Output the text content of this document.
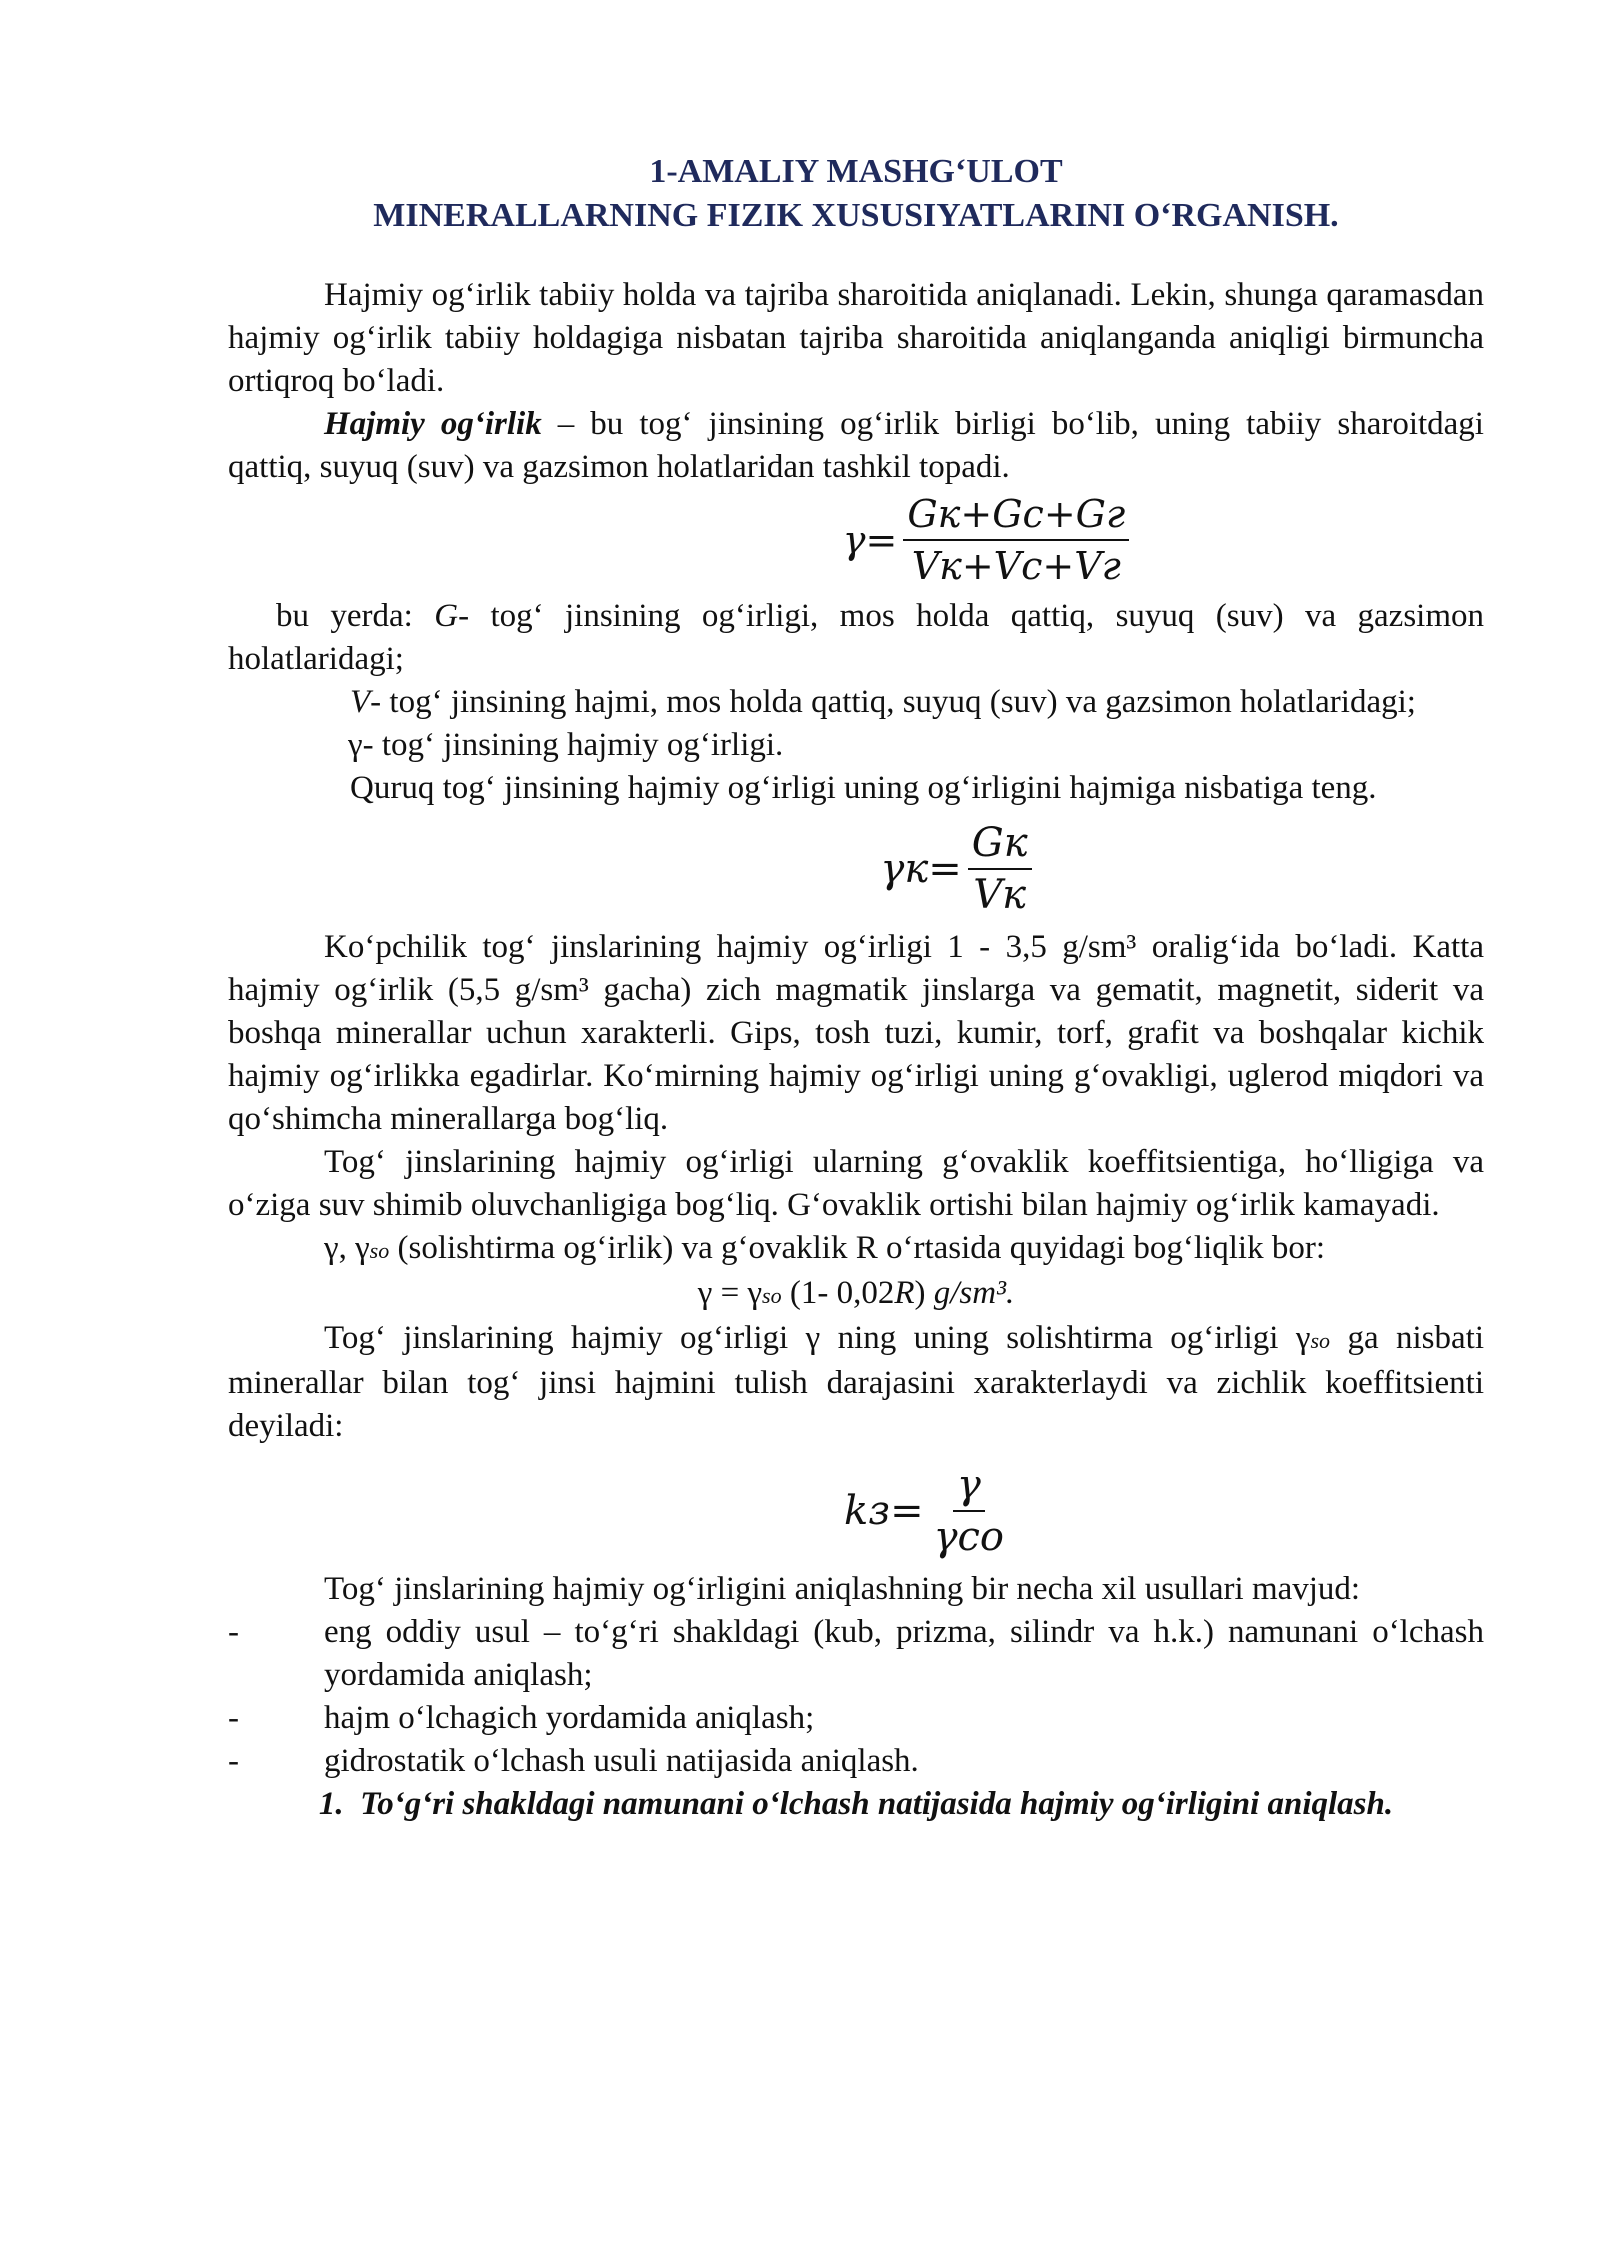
1-AMALIY MASHG‘ULOT
MINERALLARNING FIZIK XUSUSIYATLARINI O‘RGANISH.

Hajmiy og‘irlik tabiiy holda va tajriba sharoitida aniqlanadi. Lekin, shunga qaramasdan hajmiy og‘irlik tabiiy holdagiga nisbatan tajriba sharoitida aniqlanganda aniqligi birmuncha ortiqroq bo‘ladi.

Hajmiy og‘irlik – bu tog‘ jinsining og‘irlik birligi bo‘lib, uning tabiiy sharoitdagi qattiq, suyuq (suv) va gazsimon holatlaridan tashkil topadi.

$\gamma= \frac{Gк+Gс+Gг}{Vк+Vс+Vг}$

bu yerda: G- tog‘ jinsining og‘irligi, mos holda qattiq, suyuq (suv) va gazsimon holatlaridagi;

V- tog‘ jinsining hajmi, mos holda qattiq, suyuq (suv) va gazsimon holatlaridagi;

γ- tog‘ jinsining hajmiy og‘irligi.

Quruq tog‘ jinsining hajmiy og‘irligi uning og‘irligini hajmiga nisbatiga teng.

$\gamma к= \frac{Gк}{Vк}$

Ko‘pchilik tog‘ jinslarining hajmiy og‘irligi 1 - 3,5 g/sm³ oralig‘ida bo‘ladi. Katta hajmiy og‘irlik (5,5 g/sm³ gacha) zich magmatik jinslarga va gematit, magnetit, siderit va boshqa minerallar uchun xarakterli. Gips, tosh tuzi, kumir, torf, grafit va boshqalar kichik hajmiy og‘irlikka egadirlar. Ko‘mirning hajmiy og‘irligi uning g‘ovakligi, uglerod miqdori va qo‘shimcha minerallarga bog‘liq.

Tog‘ jinslarining hajmiy og‘irligi ularning g‘ovaklik koeffitsientiga, ho‘lligiga va o‘ziga suv shimib oluvchanligiga bog‘liq. G‘ovaklik ortishi bilan hajmiy og‘irlik kamayadi.

γ, γso (solishtirma og‘irlik) va g‘ovaklik R o‘rtasida quyidagi bog‘liqlik bor:

γ = γso (1- 0,02R) g/sm³.

Tog‘ jinslarining hajmiy og‘irligi γ ning uning solishtirma og‘irligi γso ga nisbati minerallar bilan tog‘ jinsi hajmini tulish darajasini xarakterlaydi va zichlik koeffitsienti deyiladi:

$kз= \frac{\gamma}{\text{γco}}$

Tog‘ jinslarining hajmiy og‘irligini aniqlashning bir necha xil usullari mavjud:

-	eng oddiy usul – to‘g‘ri shakldagi (kub, prizma, silindr va h.k.) namunani o‘lchash yordamida aniqlash;
-	hajm o‘lchagich yordamida aniqlash;
-	gidrostatik o‘lchash usuli natijasida aniqlash.

1. To‘g‘ri shakldagi namunani o‘lchash natijasida hajmiy og‘irligini aniqlash.
